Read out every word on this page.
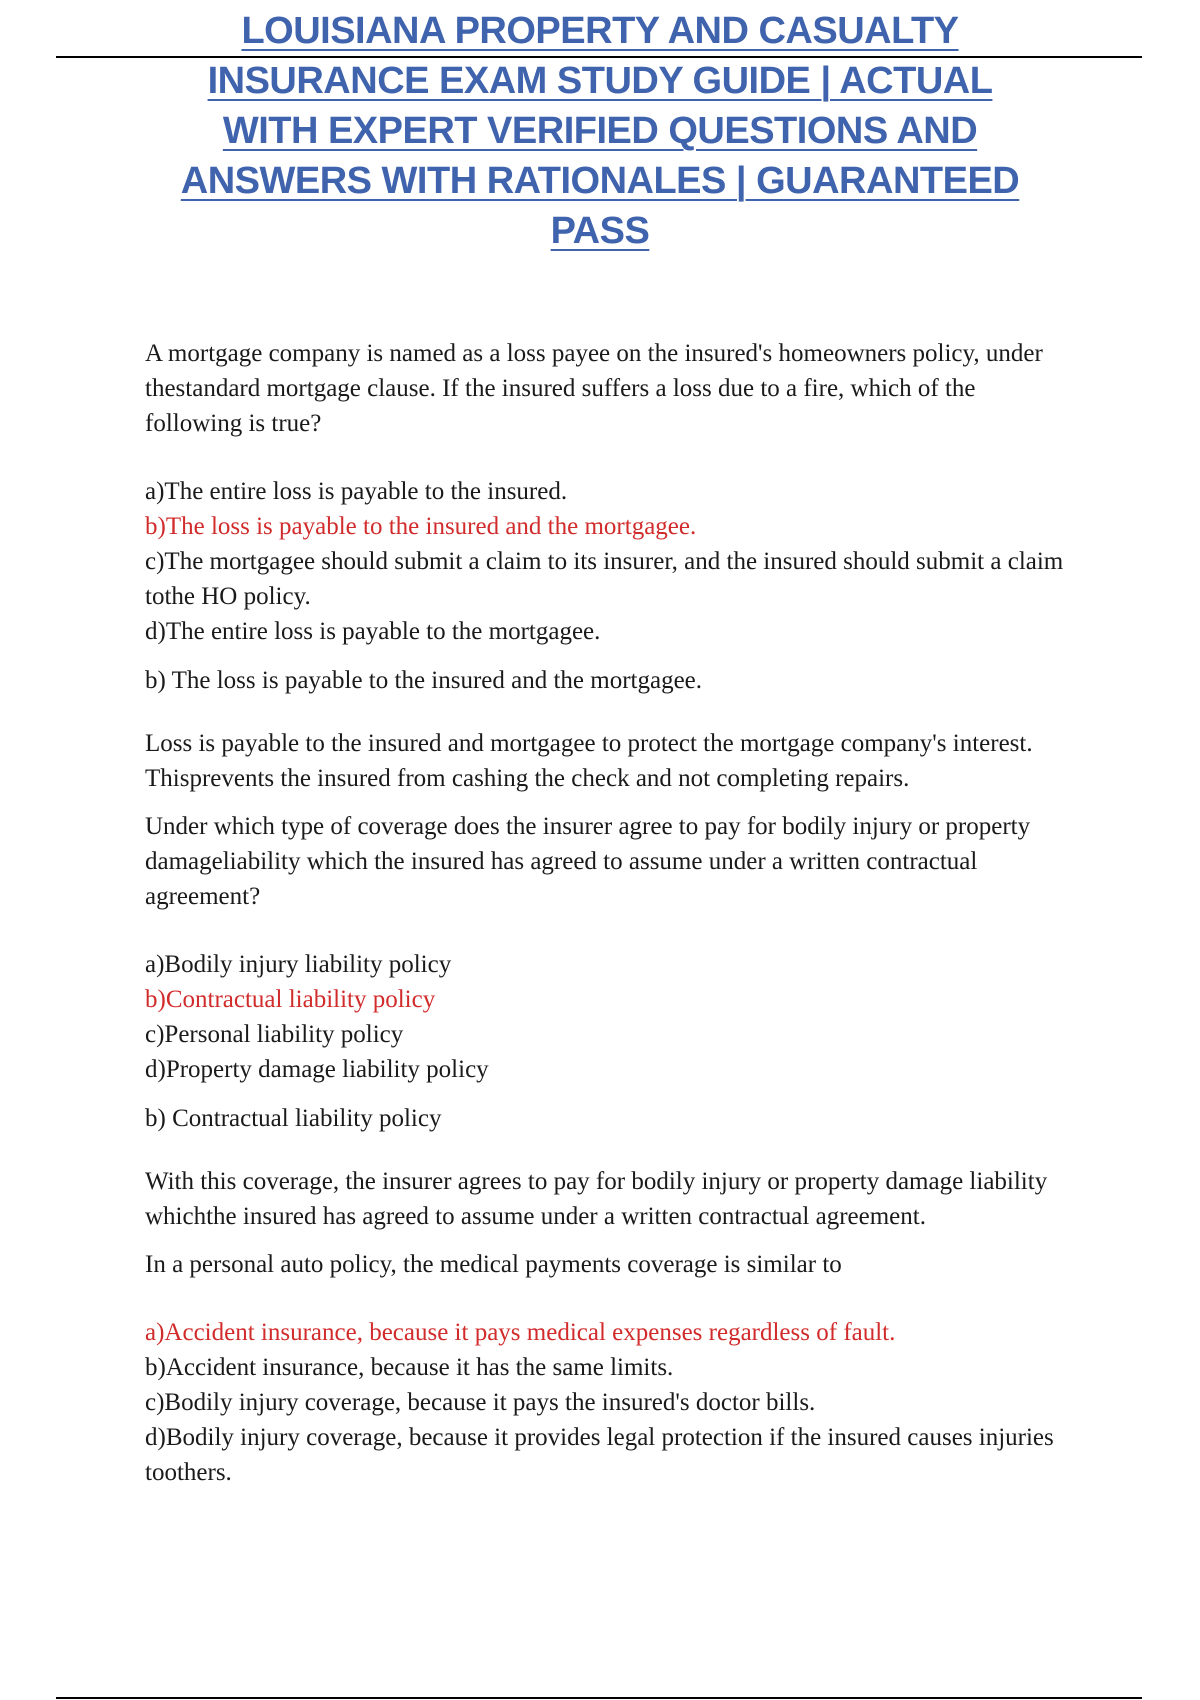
LOUISIANA PROPERTY AND CASUALTY
INSURANCE EXAM STUDY GUIDE | ACTUAL
WITH EXPERT VERIFIED QUESTIONS AND
ANSWERS WITH RATIONALES | GUARANTEED
PASS

A mortgage company is named as a loss payee on the insured's homeowners policy, under thestandard mortgage clause. If the insured suffers a loss due to a fire, which of the following is true?

a)The entire loss is payable to the insured.

b)The loss is payable to the insured and the mortgagee.

c)The mortgagee should submit a claim to its insurer, and the insured should submit a claim tothe HO policy.

d)The entire loss is payable to the mortgagee.

b) The loss is payable to the insured and the mortgagee.

Loss is payable to the insured and mortgagee to protect the mortgage company's interest. Thisprevents the insured from cashing the check and not completing repairs.

Under which type of coverage does the insurer agree to pay for bodily injury or property damageliability which the insured has agreed to assume under a written contractual agreement?

a)Bodily injury liability policy

b)Contractual liability policy

c)Personal liability policy

d)Property damage liability policy

b) Contractual liability policy

With this coverage, the insurer agrees to pay for bodily injury or property damage liability whichthe insured has agreed to assume under a written contractual agreement.

In a personal auto policy, the medical payments coverage is similar to

a)Accident insurance, because it pays medical expenses regardless of fault.

b)Accident insurance, because it has the same limits.

c)Bodily injury coverage, because it pays the insured's doctor bills.

d)Bodily injury coverage, because it provides legal protection if the insured causes injuries toothers.
